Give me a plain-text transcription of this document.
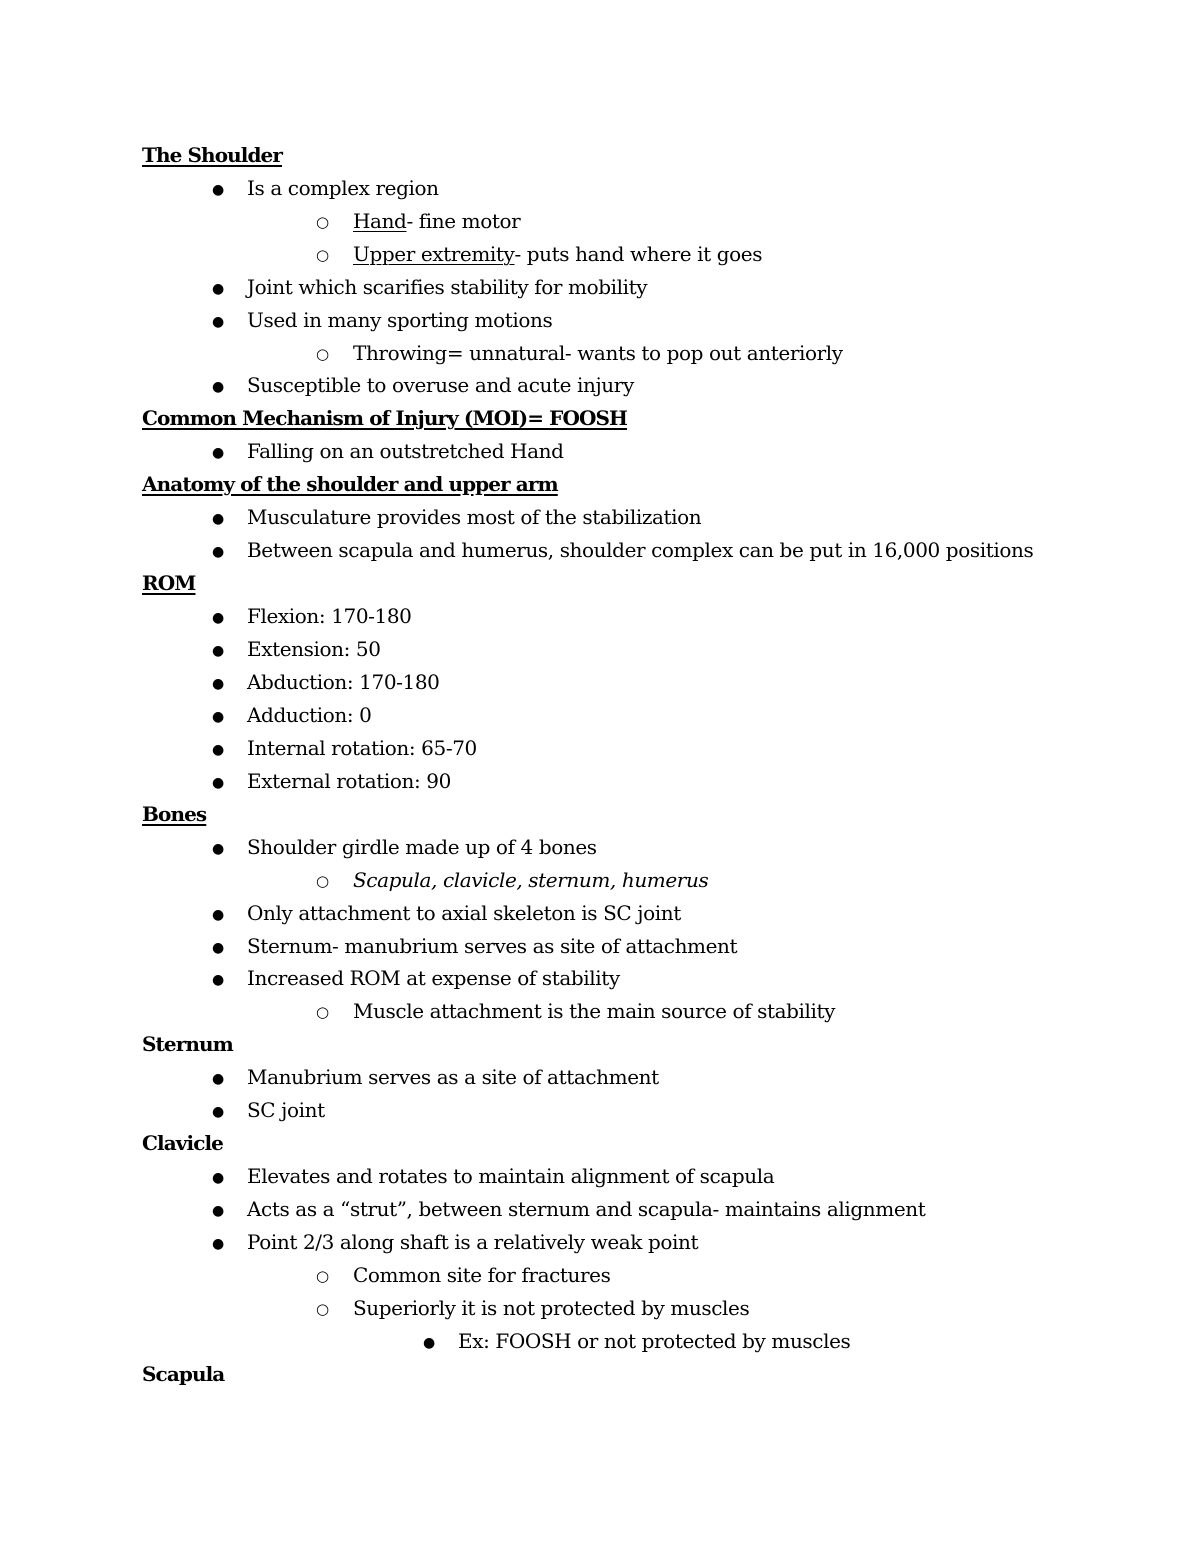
The Shoulder
● Is a complex region
○ Hand- fine motor
○ Upper extremity- puts hand where it goes
● Joint which scarifies stability for mobility
● Used in many sporting motions
○ Throwing= unnatural- wants to pop out anteriorly
● Susceptible to overuse and acute injury
Common Mechanism of Injury (MOI)= FOOSH
● Falling on an outstretched Hand
Anatomy of the shoulder and upper arm
● Musculature provides most of the stabilization
● Between scapula and humerus, shoulder complex can be put in 16,000 positions
ROM
● Flexion: 170-180
● Extension: 50
● Abduction: 170-180
● Adduction: 0
● Internal rotation: 65-70
● External rotation: 90
Bones
● Shoulder girdle made up of 4 bones
○ Scapula, clavicle, sternum, humerus
● Only attachment to axial skeleton is SC joint
● Sternum- manubrium serves as site of attachment
● Increased ROM at expense of stability
○ Muscle attachment is the main source of stability
Sternum
● Manubrium serves as a site of attachment
● SC joint
Clavicle
● Elevates and rotates to maintain alignment of scapula
● Acts as a “strut”, between sternum and scapula- maintains alignment
● Point 2/3 along shaft is a relatively weak point
○ Common site for fractures
○ Superiorly it is not protected by muscles
● Ex: FOOSH or not protected by muscles
Scapula
